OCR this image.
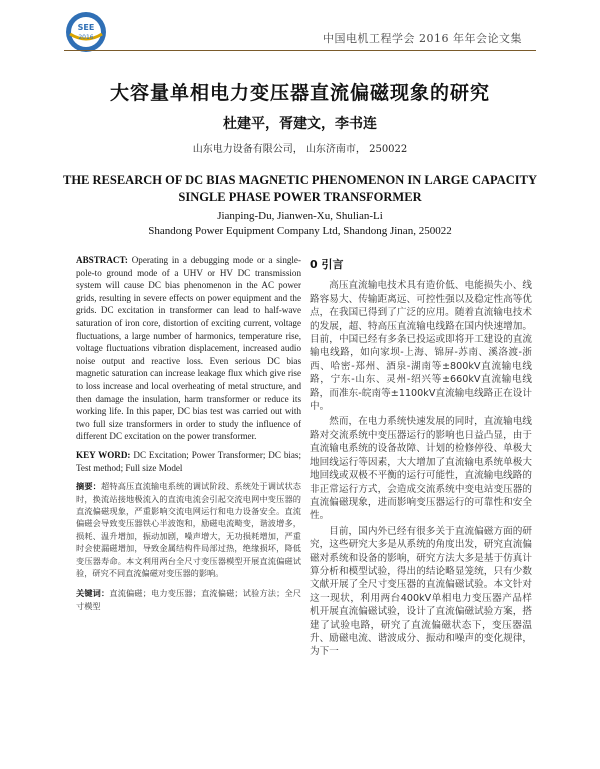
SEE
2016	中国电机工程学会 2016 年年会论文集
大容量单相电力变压器直流偏磁现象的研究
杜建平，胥建文，李书连
山东电力设备有限公司， 山东济南市， 250022
THE RESEARCH OF DC BIAS MAGNETIC PHENOMENON IN LARGE CAPACITY SINGLE PHASE POWER TRANSFORMER
Jianping-Du, Jianwen-Xu, Shulian-Li
Shandong Power Equipment Company Ltd, Shandong Jinan, 250022

ABSTRACT: Operating in a debugging mode or a single-pole-to ground mode of a UHV or HV DC transmission system will cause DC bias phenomenon in the AC power grids, resulting in severe effects on power equipment and the grids. DC excitation in transformer can lead to half-wave saturation of iron core, distortion of exciting current, voltage fluctuations, a large number of harmonics, temperature rise, voltage fluctuations vibration displacement, increased audio noise output and reactive loss. Even serious DC bias magnetic saturation can increase leakage flux which give rise to loss increase and local overheating of metal structure, and then damage the insulation, harm transformer or reduce its working life. In this paper, DC bias test was carried out with two full size transformers in order to study the influence of different DC excitation on the power transformer.

KEY WORD: DC Excitation; Power Transformer; DC bias; Test method; Full size Model

摘要：超特高压直流输电系统的调试阶段、系统处于调试状态时，换流站接地极流入的直流电流会引起交流电网中变压器的直流偏磁现象，严重影响交流电网运行和电力设备安全。直流偏磁会导致变压器铁心半波饱和，励磁电流畸变，谐波增多，损耗、温升增加，振动加剧，噪声增大，无功损耗增加，严重时会使漏磁增加，导致金属结构件局部过热，绝缘损坏，降低变压器寿命。本文利用两台全尺寸变压器模型开展直流偏磁试验，研究不同直流偏磁对变压器的影响。

关键词：直流偏磁；电力变压器；直流偏磁；试验方法；全尺寸模型

0 引言

高压直流输电技术具有造价低、电能损失小、线路容易大、传输距离远、可控性强以及稳定性高等优点，在我国已得到了广泛的应用。随着直流输电技术的发展，超、特高压直流输电线路在国内快速增加。目前，中国已经有多条已投运或即将开工建设的直流输电线路，如向家坝-上海、锦屏-苏南、溪洛渡-浙西、哈密-郑州、酒泉-湖南等±800kV直流输电线路，宁东-山东、灵州-绍兴等±660kV直流输电线路，而准东-皖南等±1100kV直流输电线路正在设计中。

然而，在电力系统快速发展的同时，直流输电线路对交流系统中变压器运行的影响也日益凸显，由于直流输电系统的设备故障、计划的检修停役、单极大地回线运行等因素，大大增加了直流输电系统单极大地回线或双极不平衡的运行可能性，直流输电线路的非正常运行方式，会造成交流系统中变电站变压器的直流偏磁现象，进而影响变压器运行的可靠性和安全性。

目前，国内外已经有很多关于直流偏磁方面的研究，这些研究大多是从系统的角度出发，研究直流偏磁对系统和设备的影响，研究方法大多是基于仿真计算分析和模型试验，得出的结论略显笼统，只有少数文献开展了全尺寸变压器的直流偏磁试验。本文针对这一现状，利用两台400kV单相电力变压器产品样机开展直流偏磁试验，设计了直流偏磁试验方案，搭建了试验电路，研究了直流偏磁状态下，变压器温升、励磁电流、谐波成分、振动和噪声的变化规律，为下一
